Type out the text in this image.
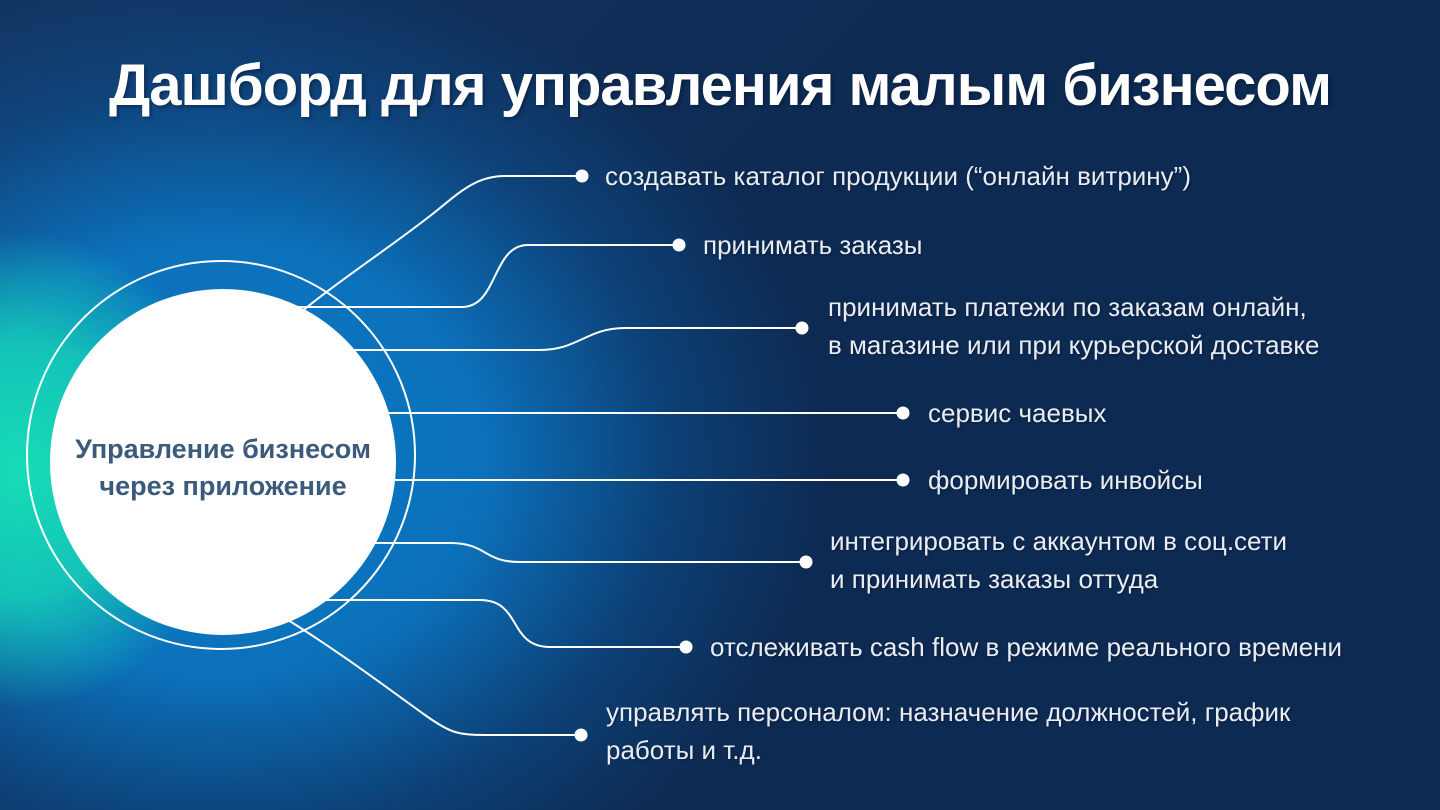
Дашборд для управления малым бизнесом
Управление бизнесом через приложение
создавать каталог продукции (“онлайн витрину”)
принимать заказы
принимать платежи по заказам онлайн,
в магазине или при курьерской доставке
сервис чаевых
формировать инвойсы
интегрировать с аккаунтом в соц.сети
и принимать заказы оттуда
отслеживать cash flow в режиме реального времени
управлять персоналом: назначение должностей, график
работы и т.д.
